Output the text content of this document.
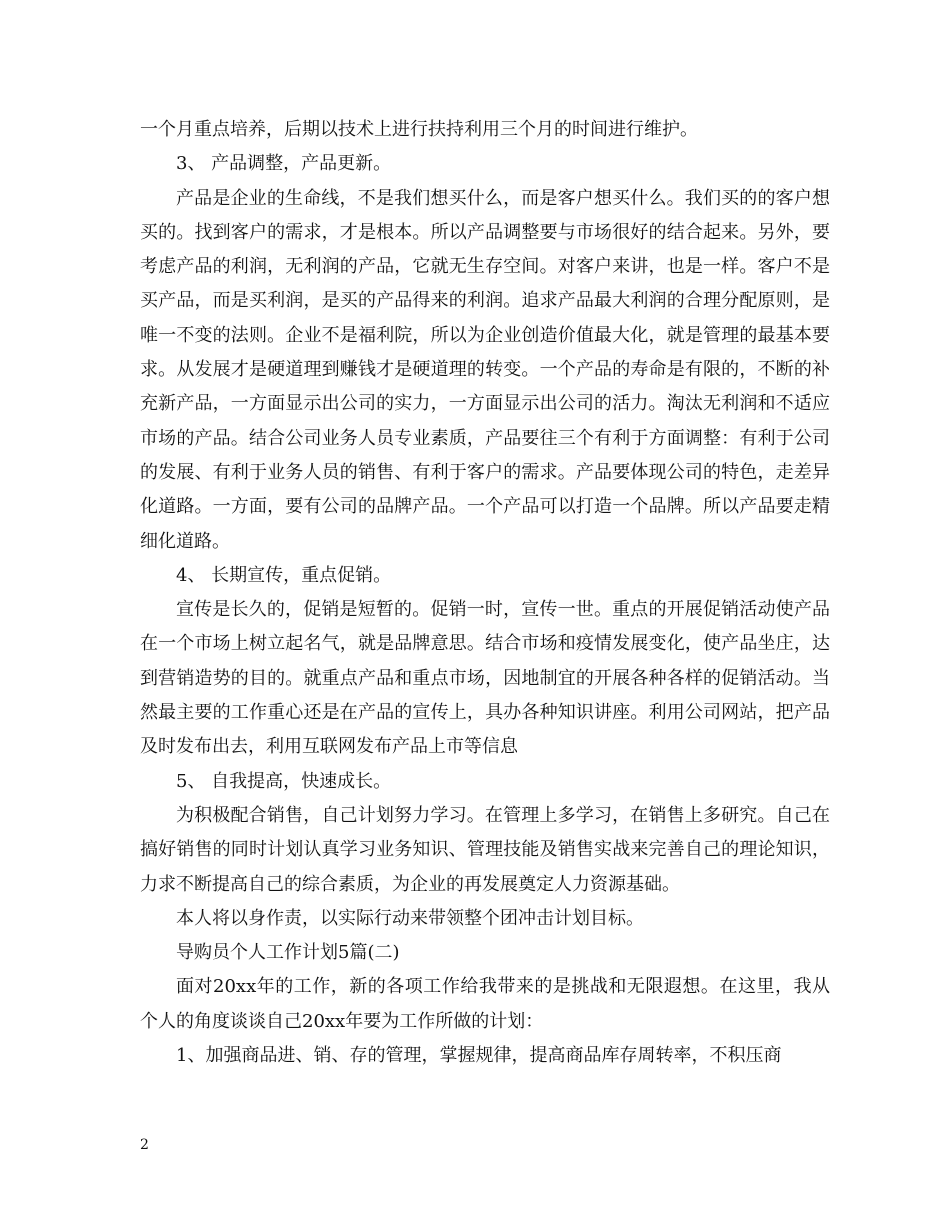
一个月重点培养，后期以技术上进行扶持利用三个月的时间进行维护。

3、 产品调整，产品更新。

产品是企业的生命线，不是我们想买什么，而是客户想买什么。我们买的的客户想买的。找到客户的需求，才是根本。所以产品调整要与市场很好的结合起来。另外，要考虑产品的利润，无利润的产品，它就无生存空间。对客户来讲，也是一样。客户不是买产品，而是买利润，是买的产品得来的利润。追求产品最大利润的合理分配原则，是唯一不变的法则。企业不是福利院，所以为企业创造价值最大化，就是管理的最基本要求。从发展才是硬道理到赚钱才是硬道理的转变。一个产品的寿命是有限的，不断的补充新产品，一方面显示出公司的实力，一方面显示出公司的活力。淘汰无利润和不适应市场的产品。结合公司业务人员专业素质，产品要往三个有利于方面调整：有利于公司的发展、有利于业务人员的销售、有利于客户的需求。产品要体现公司的特色，走差异化道路。一方面，要有公司的品牌产品。一个产品可以打造一个品牌。所以产品要走精细化道路。

4、 长期宣传，重点促销。

宣传是长久的，促销是短暂的。促销一时，宣传一世。重点的开展促销活动使产品在一个市场上树立起名气，就是品牌意思。结合市场和疫情发展变化，使产品坐庄，达到营销造势的目的。就重点产品和重点市场，因地制宜的开展各种各样的促销活动。当然最主要的工作重心还是在产品的宣传上，具办各种知识讲座。利用公司网站，把产品及时发布出去，利用互联网发布产品上市等信息

5、 自我提高，快速成长。

为积极配合销售，自己计划努力学习。在管理上多学习，在销售上多研究。自己在搞好销售的同时计划认真学习业务知识、管理技能及销售实战来完善自己的理论知识，力求不断提高自己的综合素质，为企业的再发展奠定人力资源基础。

本人将以身作责，以实际行动来带领整个团冲击计划目标。

导购员个人工作计划5篇(二)

面对20xx年的工作，新的各项工作给我带来的是挑战和无限遐想。在这里，我从个人的角度谈谈自己20xx年要为工作所做的计划：

1、加强商品进、销、存的管理，掌握规律，提高商品库存周转率，不积压商

2
